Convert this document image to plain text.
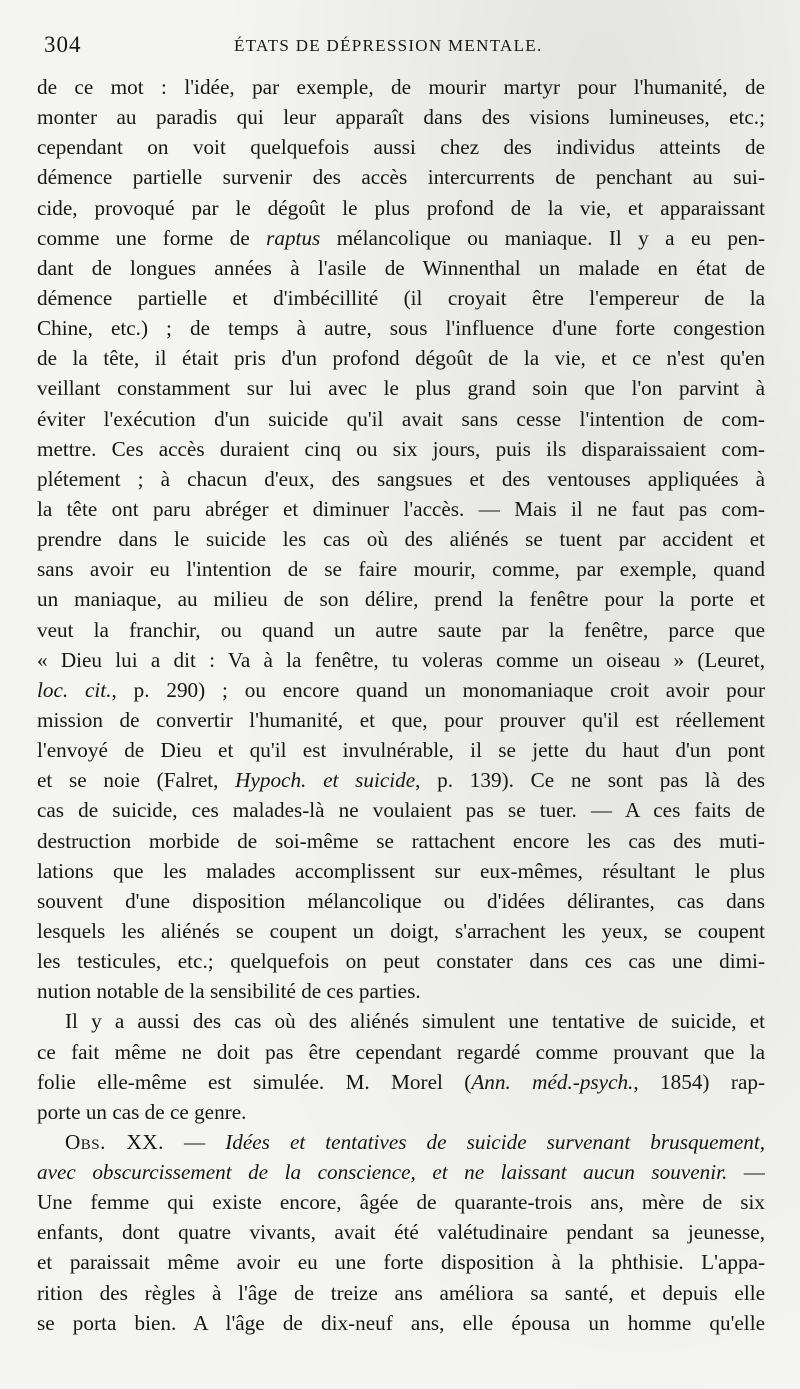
304	ÉTATS DE DÉPRESSION MENTALE.
de ce mot : l'idée, par exemple, de mourir martyr pour l'humanité, de
monter au paradis qui leur apparaît dans des visions lumineuses, etc.;
cependant on voit quelquefois aussi chez des individus atteints de
démence partielle survenir des accès intercurrents de penchant au sui-
cide, provoqué par le dégoût le plus profond de la vie, et apparaissant
comme une forme de raptus mélancolique ou maniaque. Il y a eu pen-
dant de longues années à l'asile de Winnenthal un malade en état de
démence partielle et d'imbécillité (il croyait être l'empereur de la
Chine, etc.) ; de temps à autre, sous l'influence d'une forte congestion
de la tête, il était pris d'un profond dégoût de la vie, et ce n'est qu'en
veillant constamment sur lui avec le plus grand soin que l'on parvint à
éviter l'exécution d'un suicide qu'il avait sans cesse l'intention de com-
mettre. Ces accès duraient cinq ou six jours, puis ils disparaissaient com-
plétement ; à chacun d'eux, des sangsues et des ventouses appliquées à
la tête ont paru abréger et diminuer l'accès. — Mais il ne faut pas com-
prendre dans le suicide les cas où des aliénés se tuent par accident et
sans avoir eu l'intention de se faire mourir, comme, par exemple, quand
un maniaque, au milieu de son délire, prend la fenêtre pour la porte et
veut la franchir, ou quand un autre saute par la fenêtre, parce que
« Dieu lui a dit : Va à la fenêtre, tu voleras comme un oiseau » (Leuret,
loc. cit., p. 290) ; ou encore quand un monomaniaque croit avoir pour
mission de convertir l'humanité, et que, pour prouver qu'il est réellement
l'envoyé de Dieu et qu'il est invulnérable, il se jette du haut d'un pont
et se noie (Falret, Hypoch. et suicide, p. 139). Ce ne sont pas là des
cas de suicide, ces malades-là ne voulaient pas se tuer. — A ces faits de
destruction morbide de soi-même se rattachent encore les cas des muti-
lations que les malades accomplissent sur eux-mêmes, résultant le plus
souvent d'une disposition mélancolique ou d'idées délirantes, cas dans
lesquels les aliénés se coupent un doigt, s'arrachent les yeux, se coupent
les testicules, etc.; quelquefois on peut constater dans ces cas une dimi-
nution notable de la sensibilité de ces parties.
Il y a aussi des cas où des aliénés simulent une tentative de suicide, et
ce fait même ne doit pas être cependant regardé comme prouvant que la
folie elle-même est simulée. M. Morel (Ann. méd.-psych., 1854) rap-
porte un cas de ce genre.
Obs. XX. — Idées et tentatives de suicide survenant brusquement,
avec obscurcissement de la conscience, et ne laissant aucun souvenir. —
Une femme qui existe encore, âgée de quarante-trois ans, mère de six
enfants, dont quatre vivants, avait été valétudinaire pendant sa jeunesse,
et paraissait même avoir eu une forte disposition à la phthisie. L'appa-
rition des règles à l'âge de treize ans améliora sa santé, et depuis elle
se porta bien. A l'âge de dix-neuf ans, elle épousa un homme qu'elle
